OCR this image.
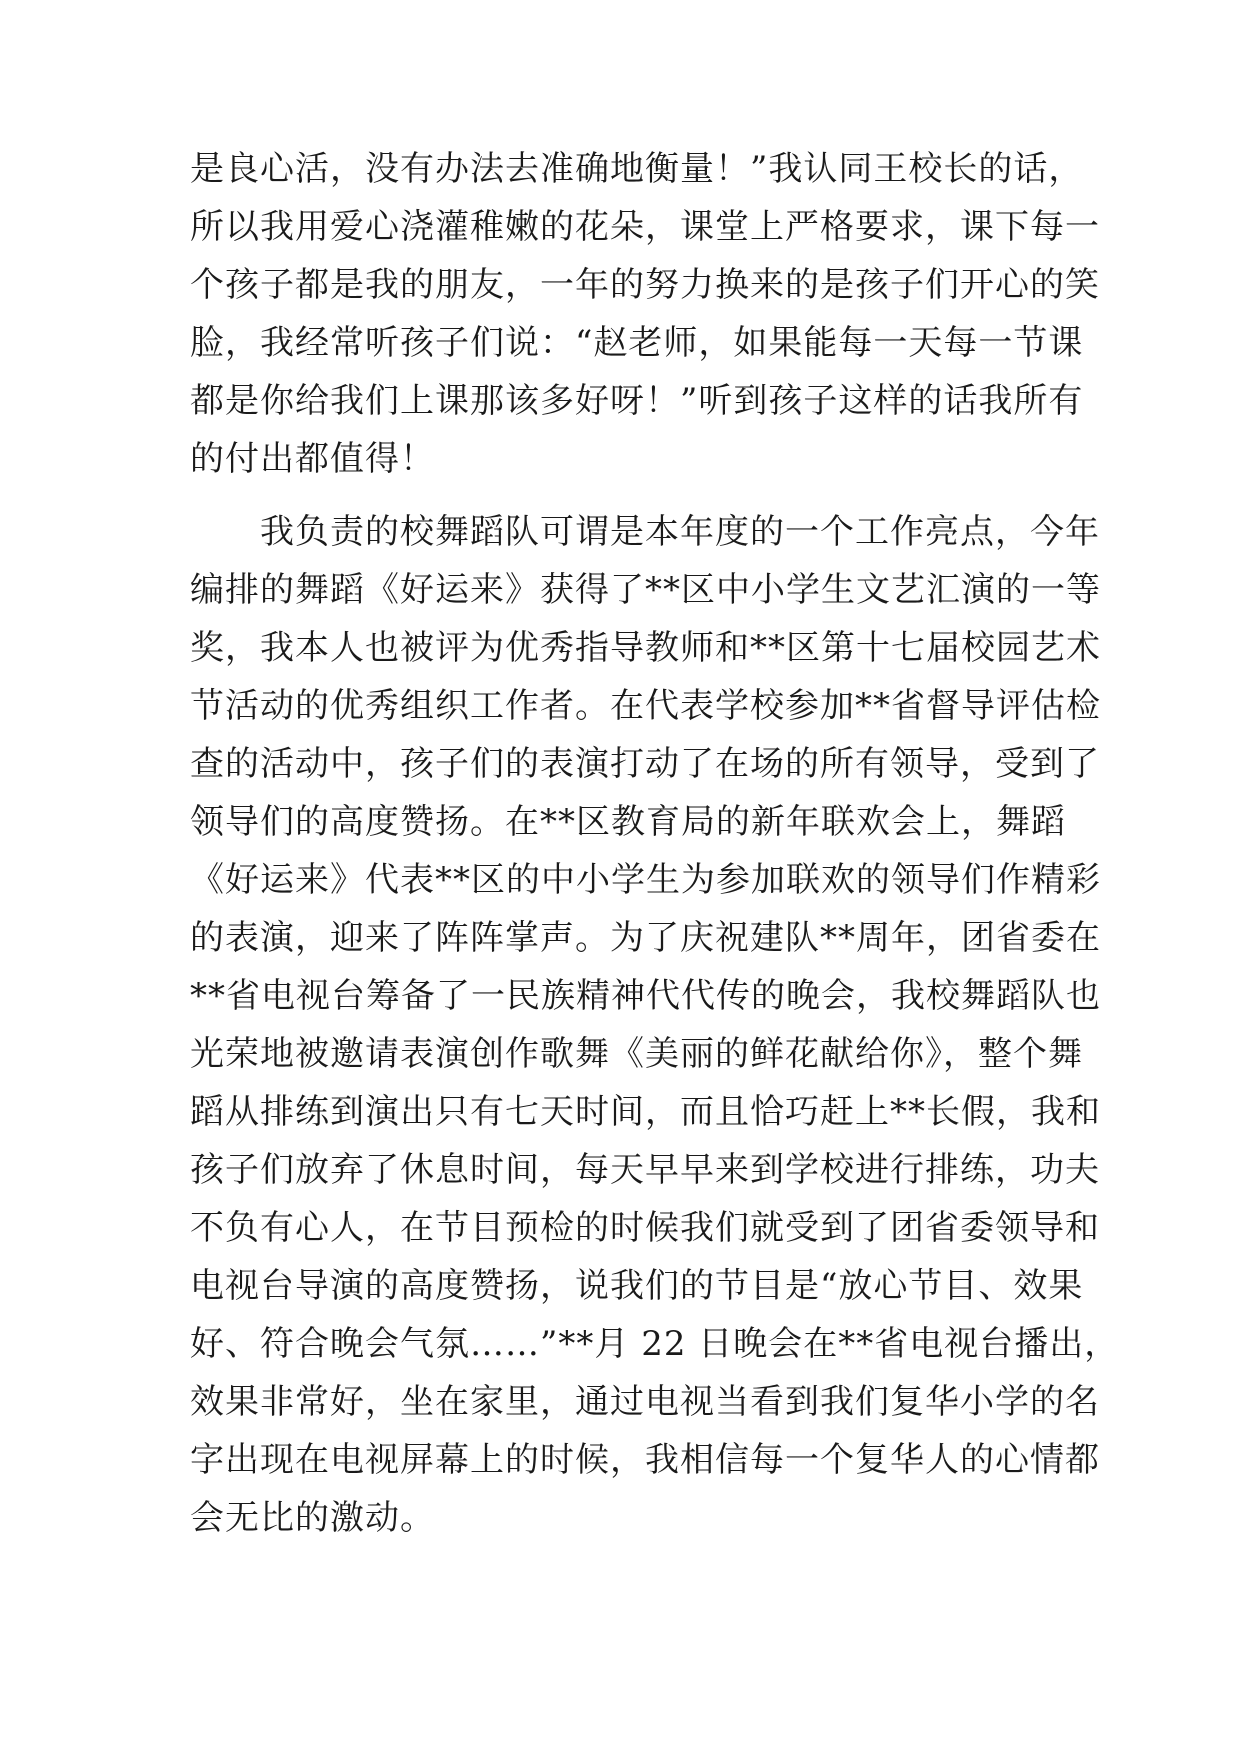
是良心活，没有办法去准确地衡量！”我认同王校长的话，
所以我用爱心浇灌稚嫩的花朵，课堂上严格要求，课下每一
个孩子都是我的朋友，一年的努力换来的是孩子们开心的笑
脸，我经常听孩子们说：“赵老师，如果能每一天每一节课
都是你给我们上课那该多好呀！”听到孩子这样的话我所有
的付出都值得！
　　我负责的校舞蹈队可谓是本年度的一个工作亮点，今年
编排的舞蹈《好运来》获得了**区中小学生文艺汇演的一等
奖，我本人也被评为优秀指导教师和**区第十七届校园艺术
节活动的优秀组织工作者。在代表学校参加**省督导评估检
查的活动中，孩子们的表演打动了在场的所有领导，受到了
领导们的高度赞扬。在**区教育局的新年联欢会上，舞蹈
《好运来》代表**区的中小学生为参加联欢的领导们作精彩
的表演，迎来了阵阵掌声。为了庆祝建队**周年，团省委在
**省电视台筹备了一民族精神代代传的晚会，我校舞蹈队也
光荣地被邀请表演创作歌舞《美丽的鲜花献给你》，整个舞
蹈从排练到演出只有七天时间，而且恰巧赶上**长假，我和
孩子们放弃了休息时间，每天早早来到学校进行排练，功夫
不负有心人，在节目预检的时候我们就受到了团省委领导和
电视台导演的高度赞扬，说我们的节目是“放心节目、效果
好、符合晚会气氛……”**月 22 日晚会在**省电视台播出，
效果非常好，坐在家里，通过电视当看到我们复华小学的名
字出现在电视屏幕上的时候，我相信每一个复华人的心情都
会无比的激动。
